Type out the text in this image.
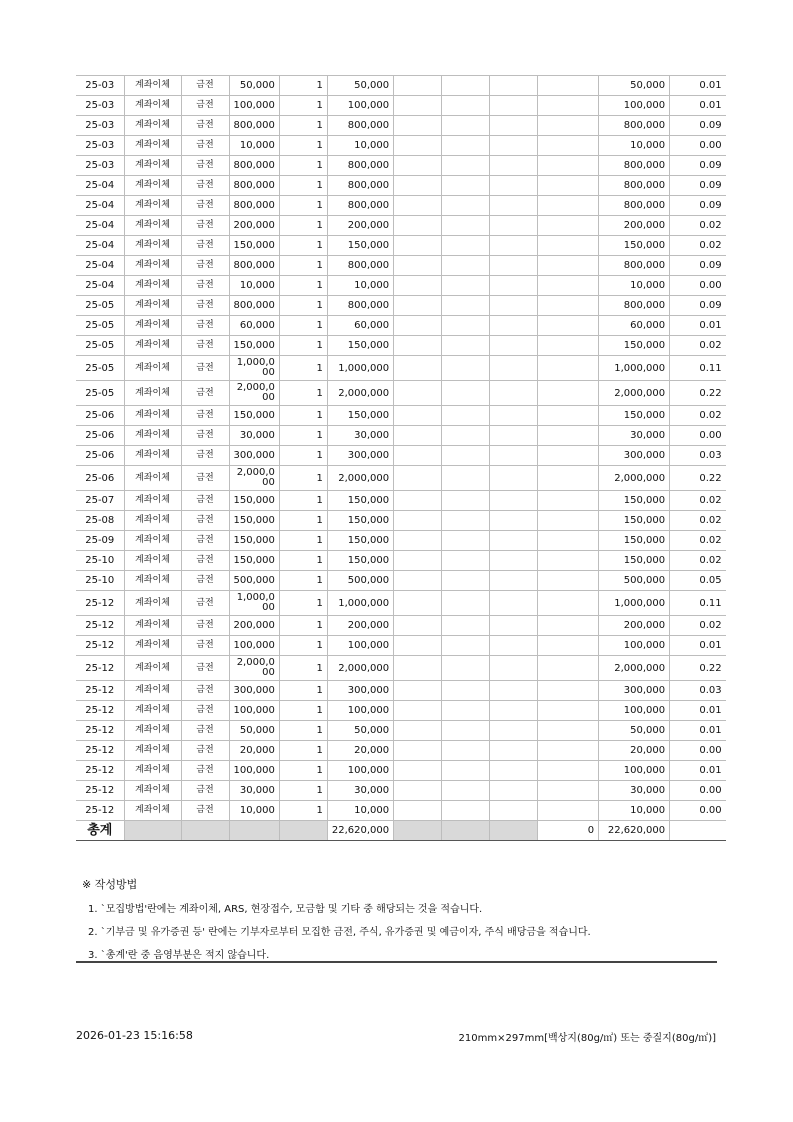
25-03	계좌이체	금전	50,000	1	50,000					50,000	0.01
25-03	계좌이체	금전	100,000	1	100,000					100,000	0.01
25-03	계좌이체	금전	800,000	1	800,000					800,000	0.09
25-03	계좌이체	금전	10,000	1	10,000					10,000	0.00
25-03	계좌이체	금전	800,000	1	800,000					800,000	0.09
25-04	계좌이체	금전	800,000	1	800,000					800,000	0.09
25-04	계좌이체	금전	800,000	1	800,000					800,000	0.09
25-04	계좌이체	금전	200,000	1	200,000					200,000	0.02
25-04	계좌이체	금전	150,000	1	150,000					150,000	0.02
25-04	계좌이체	금전	800,000	1	800,000					800,000	0.09
25-04	계좌이체	금전	10,000	1	10,000					10,000	0.00
25-05	계좌이체	금전	800,000	1	800,000					800,000	0.09
25-05	계좌이체	금전	60,000	1	60,000					60,000	0.01
25-05	계좌이체	금전	150,000	1	150,000					150,000	0.02
25-05	계좌이체	금전	1,000,000	1	1,000,000					1,000,000	0.11
25-05	계좌이체	금전	2,000,000	1	2,000,000					2,000,000	0.22
25-06	계좌이체	금전	150,000	1	150,000					150,000	0.02
25-06	계좌이체	금전	30,000	1	30,000					30,000	0.00
25-06	계좌이체	금전	300,000	1	300,000					300,000	0.03
25-06	계좌이체	금전	2,000,000	1	2,000,000					2,000,000	0.22
25-07	계좌이체	금전	150,000	1	150,000					150,000	0.02
25-08	계좌이체	금전	150,000	1	150,000					150,000	0.02
25-09	계좌이체	금전	150,000	1	150,000					150,000	0.02
25-10	계좌이체	금전	150,000	1	150,000					150,000	0.02
25-10	계좌이체	금전	500,000	1	500,000					500,000	0.05
25-12	계좌이체	금전	1,000,000	1	1,000,000					1,000,000	0.11
25-12	계좌이체	금전	200,000	1	200,000					200,000	0.02
25-12	계좌이체	금전	100,000	1	100,000					100,000	0.01
25-12	계좌이체	금전	2,000,000	1	2,000,000					2,000,000	0.22
25-12	계좌이체	금전	300,000	1	300,000					300,000	0.03
25-12	계좌이체	금전	100,000	1	100,000					100,000	0.01
25-12	계좌이체	금전	50,000	1	50,000					50,000	0.01
25-12	계좌이체	금전	20,000	1	20,000					20,000	0.00
25-12	계좌이체	금전	100,000	1	100,000					100,000	0.01
25-12	계좌이체	금전	30,000	1	30,000					30,000	0.00
25-12	계좌이체	금전	10,000	1	10,000					10,000	0.00
총계					22,620,000				0	22,620,000	
※ 작성방법
1. `모집방법'란에는 계좌이체, ARS, 현장접수, 모금함 및 기타 중 해당되는 것을 적습니다.
2. `기부금 및 유가증권 등' 란에는 기부자로부터 모집한 금전, 주식, 유가증권 및 예금이자, 주식 배당금을 적습니다.
3. `총계'란 중 음영부분은 적지 않습니다.
2026-01-23 15:16:58	210mm×297mm[백상지(80g/㎡) 또는 중질지(80g/㎡)]
